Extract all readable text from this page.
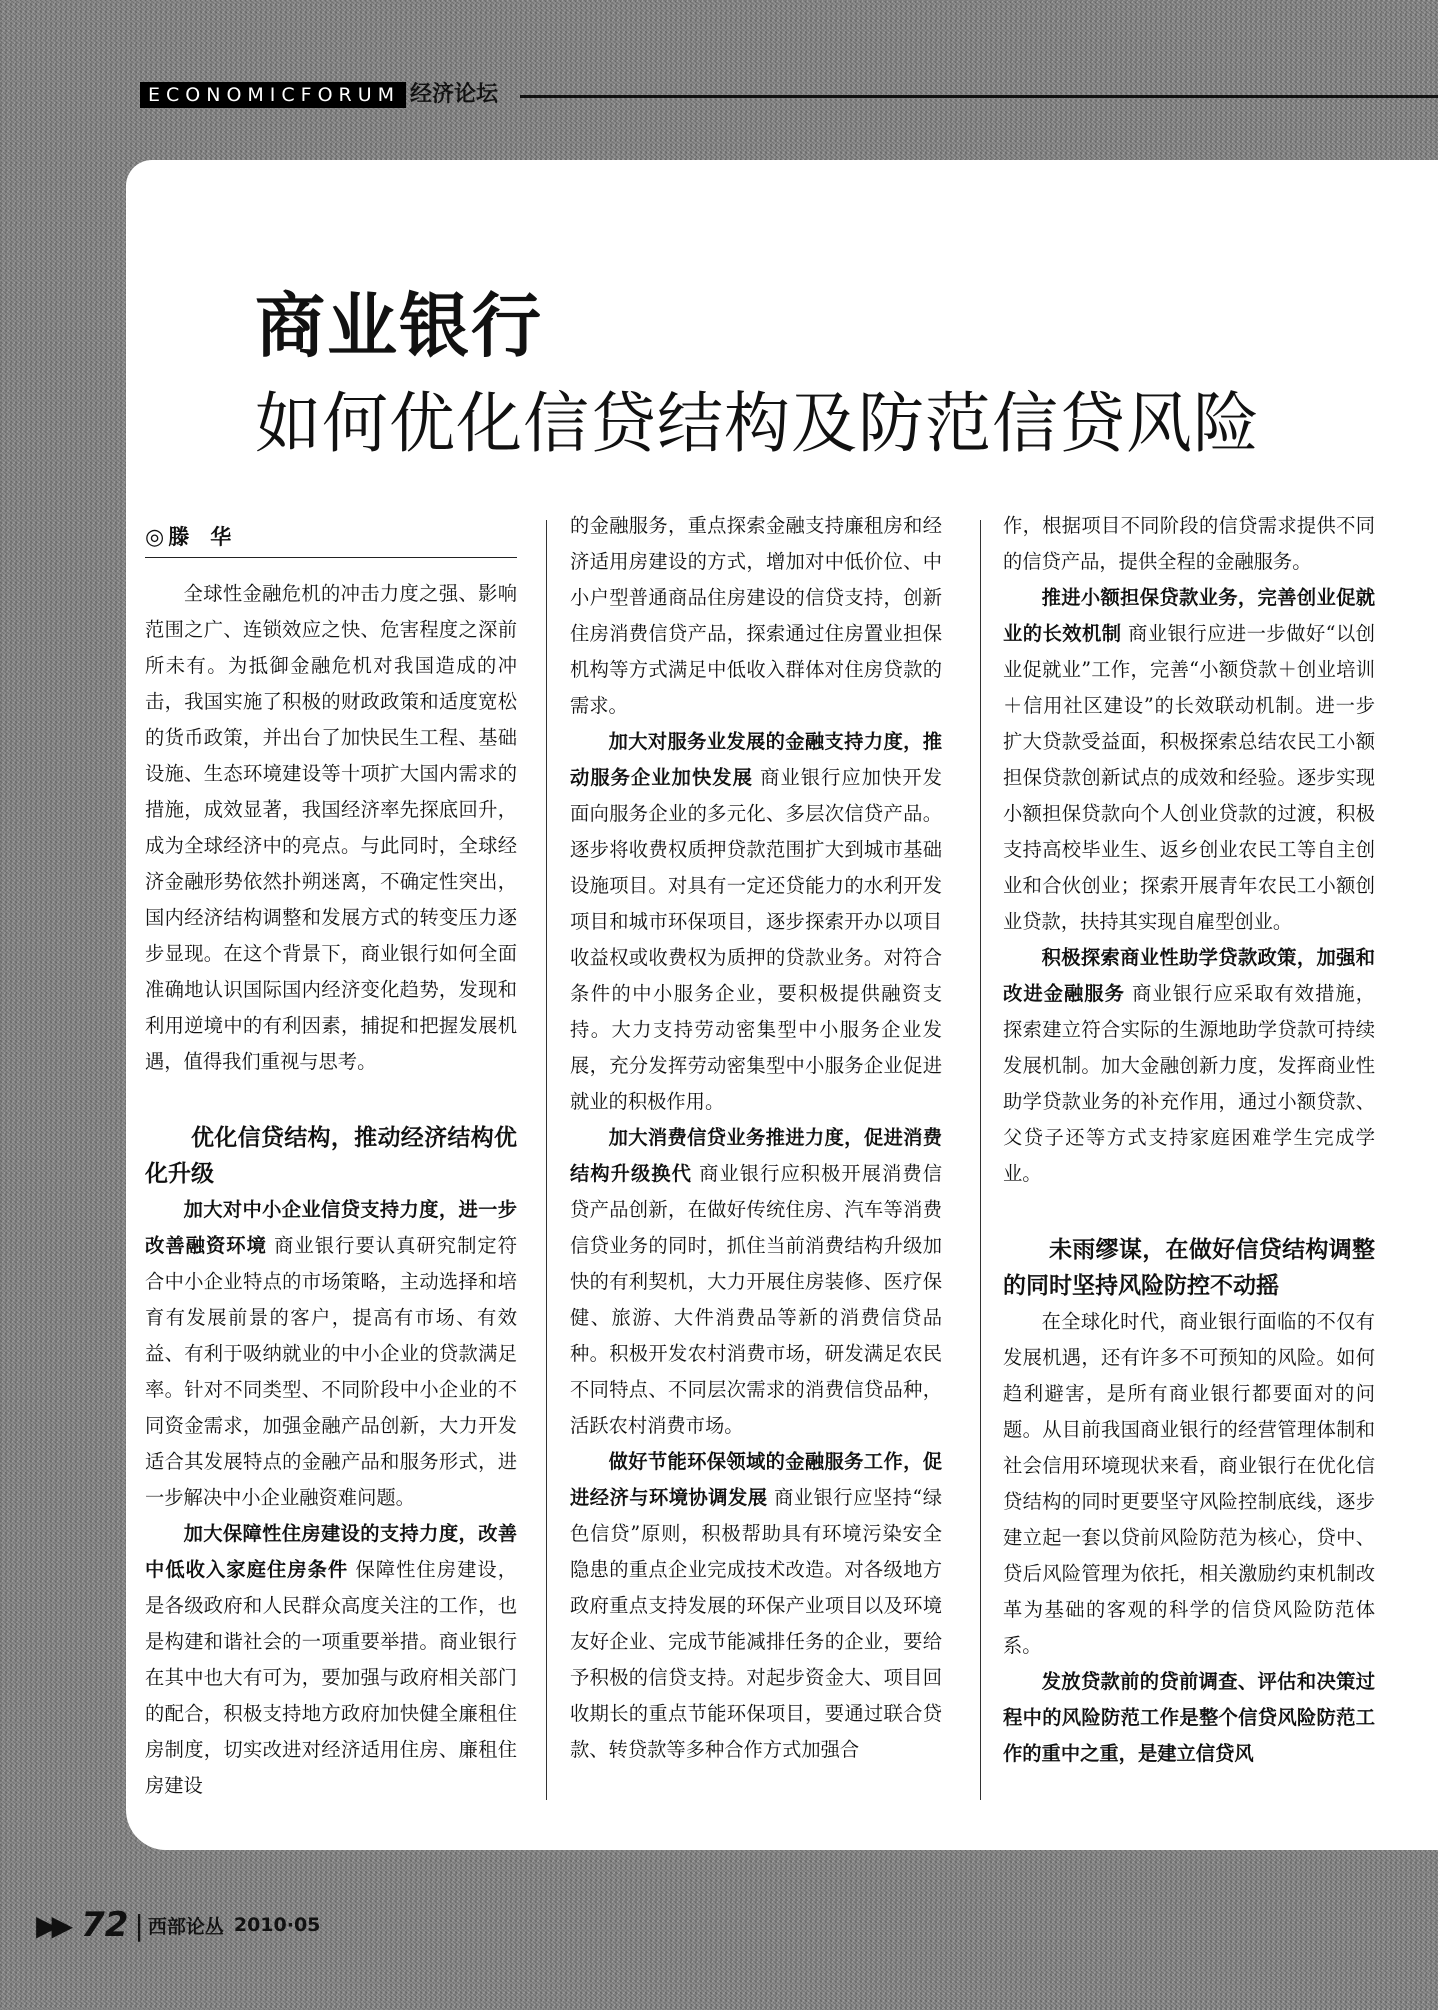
ECONOMICFORUM 经济论坛
商业银行
如何优化信贷结构及防范信贷风险
◎ 滕　华

全球性金融危机的冲击力度之强、影响范围之广、连锁效应之快、危害程度之深前所未有。为抵御金融危机对我国造成的冲击，我国实施了积极的财政政策和适度宽松的货币政策，并出台了加快民生工程、基础设施、生态环境建设等十项扩大国内需求的措施，成效显著，我国经济率先探底回升，成为全球经济中的亮点。与此同时，全球经济金融形势依然扑朔迷离，不确定性突出，国内经济结构调整和发展方式的转变压力逐步显现。在这个背景下，商业银行如何全面准确地认识国际国内经济变化趋势，发现和利用逆境中的有利因素，捕捉和把握发展机遇，值得我们重视与思考。

优化信贷结构，推动经济结构优化升级

加大对中小企业信贷支持力度，进一步改善融资环境 商业银行要认真研究制定符合中小企业特点的市场策略，主动选择和培育有发展前景的客户，提高有市场、有效益、有利于吸纳就业的中小企业的贷款满足率。针对不同类型、不同阶段中小企业的不同资金需求，加强金融产品创新，大力开发适合其发展特点的金融产品和服务形式，进一步解决中小企业融资难问题。

加大保障性住房建设的支持力度，改善中低收入家庭住房条件 保障性住房建设，是各级政府和人民群众高度关注的工作，也是构建和谐社会的一项重要举措。商业银行在其中也大有可为，要加强与政府相关部门的配合，积极支持地方政府加快健全廉租住房制度，切实改进对经济适用住房、廉租住房建设

的金融服务，重点探索金融支持廉租房和经济适用房建设的方式，增加对中低价位、中小户型普通商品住房建设的信贷支持，创新住房消费信贷产品，探索通过住房置业担保机构等方式满足中低收入群体对住房贷款的需求。

加大对服务业发展的金融支持力度，推动服务企业加快发展 商业银行应加快开发面向服务企业的多元化、多层次信贷产品。逐步将收费权质押贷款范围扩大到城市基础设施项目。对具有一定还贷能力的水利开发项目和城市环保项目，逐步探索开办以项目收益权或收费权为质押的贷款业务。对符合条件的中小服务企业，要积极提供融资支持。大力支持劳动密集型中小服务企业发展，充分发挥劳动密集型中小服务企业促进就业的积极作用。

加大消费信贷业务推进力度，促进消费结构升级换代 商业银行应积极开展消费信贷产品创新，在做好传统住房、汽车等消费信贷业务的同时，抓住当前消费结构升级加快的有利契机，大力开展住房装修、医疗保健、旅游、大件消费品等新的消费信贷品种。积极开发农村消费市场，研发满足农民不同特点、不同层次需求的消费信贷品种，活跃农村消费市场。

做好节能环保领域的金融服务工作，促进经济与环境协调发展 商业银行应坚持“绿色信贷”原则，积极帮助具有环境污染安全隐患的重点企业完成技术改造。对各级地方政府重点支持发展的环保产业项目以及环境友好企业、完成节能减排任务的企业，要给予积极的信贷支持。对起步资金大、项目回收期长的重点节能环保项目，要通过联合贷款、转贷款等多种合作方式加强合

作，根据项目不同阶段的信贷需求提供不同的信贷产品，提供全程的金融服务。

推进小额担保贷款业务，完善创业促就业的长效机制 商业银行应进一步做好“以创业促就业”工作，完善“小额贷款＋创业培训＋信用社区建设”的长效联动机制。进一步扩大贷款受益面，积极探索总结农民工小额担保贷款创新试点的成效和经验。逐步实现小额担保贷款向个人创业贷款的过渡，积极支持高校毕业生、返乡创业农民工等自主创业和合伙创业；探索开展青年农民工小额创业贷款，扶持其实现自雇型创业。

积极探索商业性助学贷款政策，加强和改进金融服务 商业银行应采取有效措施，探索建立符合实际的生源地助学贷款可持续发展机制。加大金融创新力度，发挥商业性助学贷款业务的补充作用，通过小额贷款、父贷子还等方式支持家庭困难学生完成学业。

未雨缪谋，在做好信贷结构调整的同时坚持风险防控不动摇

在全球化时代，商业银行面临的不仅有发展机遇，还有许多不可预知的风险。如何趋利避害，是所有商业银行都要面对的问题。从目前我国商业银行的经营管理体制和社会信用环境现状来看，商业银行在优化信贷结构的同时更要坚守风险控制底线，逐步建立起一套以贷前风险防范为核心，贷中、贷后风险管理为依托，相关激励约束机制改革为基础的客观的科学的信贷风险防范体系。

发放贷款前的贷前调查、评估和决策过程中的风险防范工作是整个信贷风险防范工作的重中之重，是建立信贷风

▶▶ 72 | 西部论丛 2010·05
